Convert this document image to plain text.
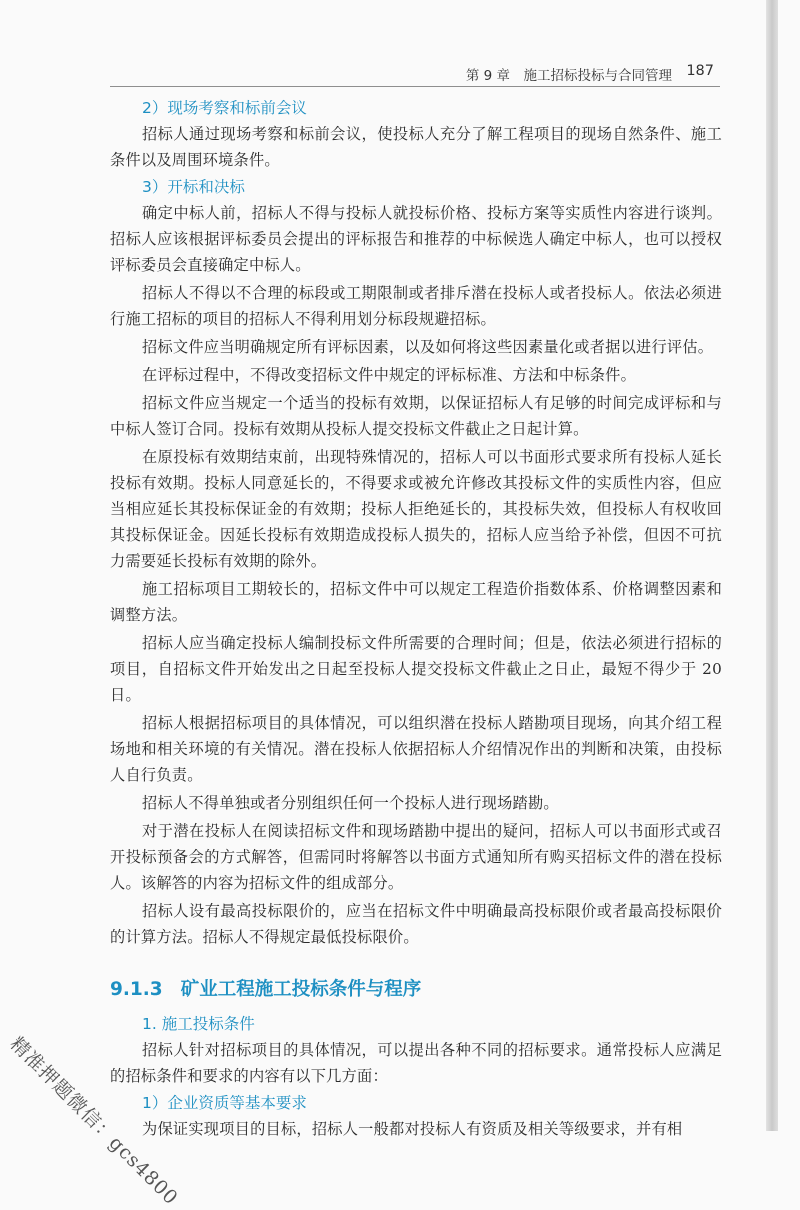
第 9 章　施工招标投标与合同管理 187

2）现场考察和标前会议

招标人通过现场考察和标前会议，使投标人充分了解工程项目的现场自然条件、施工条件以及周围环境条件。

3）开标和决标

确定中标人前，招标人不得与投标人就投标价格、投标方案等实质性内容进行谈判。招标人应该根据评标委员会提出的评标报告和推荐的中标候选人确定中标人，也可以授权评标委员会直接确定中标人。

招标人不得以不合理的标段或工期限制或者排斥潜在投标人或者投标人。依法必须进行施工招标的项目的招标人不得利用划分标段规避招标。

招标文件应当明确规定所有评标因素，以及如何将这些因素量化或者据以进行评估。

在评标过程中，不得改变招标文件中规定的评标标准、方法和中标条件。

招标文件应当规定一个适当的投标有效期，以保证招标人有足够的时间完成评标和与中标人签订合同。投标有效期从投标人提交投标文件截止之日起计算。

在原投标有效期结束前，出现特殊情况的，招标人可以书面形式要求所有投标人延长投标有效期。投标人同意延长的，不得要求或被允许修改其投标文件的实质性内容，但应当相应延长其投标保证金的有效期；投标人拒绝延长的，其投标失效，但投标人有权收回其投标保证金。因延长投标有效期造成投标人损失的，招标人应当给予补偿，但因不可抗力需要延长投标有效期的除外。

施工招标项目工期较长的，招标文件中可以规定工程造价指数体系、价格调整因素和调整方法。

招标人应当确定投标人编制投标文件所需要的合理时间；但是，依法必须进行招标的项目，自招标文件开始发出之日起至投标人提交投标文件截止之日止，最短不得少于 20 日。

招标人根据招标项目的具体情况，可以组织潜在投标人踏勘项目现场，向其介绍工程场地和相关环境的有关情况。潜在投标人依据招标人介绍情况作出的判断和决策，由投标人自行负责。

招标人不得单独或者分别组织任何一个投标人进行现场踏勘。

对于潜在投标人在阅读招标文件和现场踏勘中提出的疑问，招标人可以书面形式或召开投标预备会的方式解答，但需同时将解答以书面方式通知所有购买招标文件的潜在投标人。该解答的内容为招标文件的组成部分。

招标人设有最高投标限价的，应当在招标文件中明确最高投标限价或者最高投标限价的计算方法。招标人不得规定最低投标限价。

9.1.3 矿业工程施工投标条件与程序

1. 施工投标条件

招标人针对招标项目的具体情况，可以提出各种不同的招标要求。通常投标人应满足的招标条件和要求的内容有以下几方面：

1）企业资质等基本要求

为保证实现项目的目标，招标人一般都对投标人有资质及相关等级要求，并有相

精准押题微信：gcs4800
